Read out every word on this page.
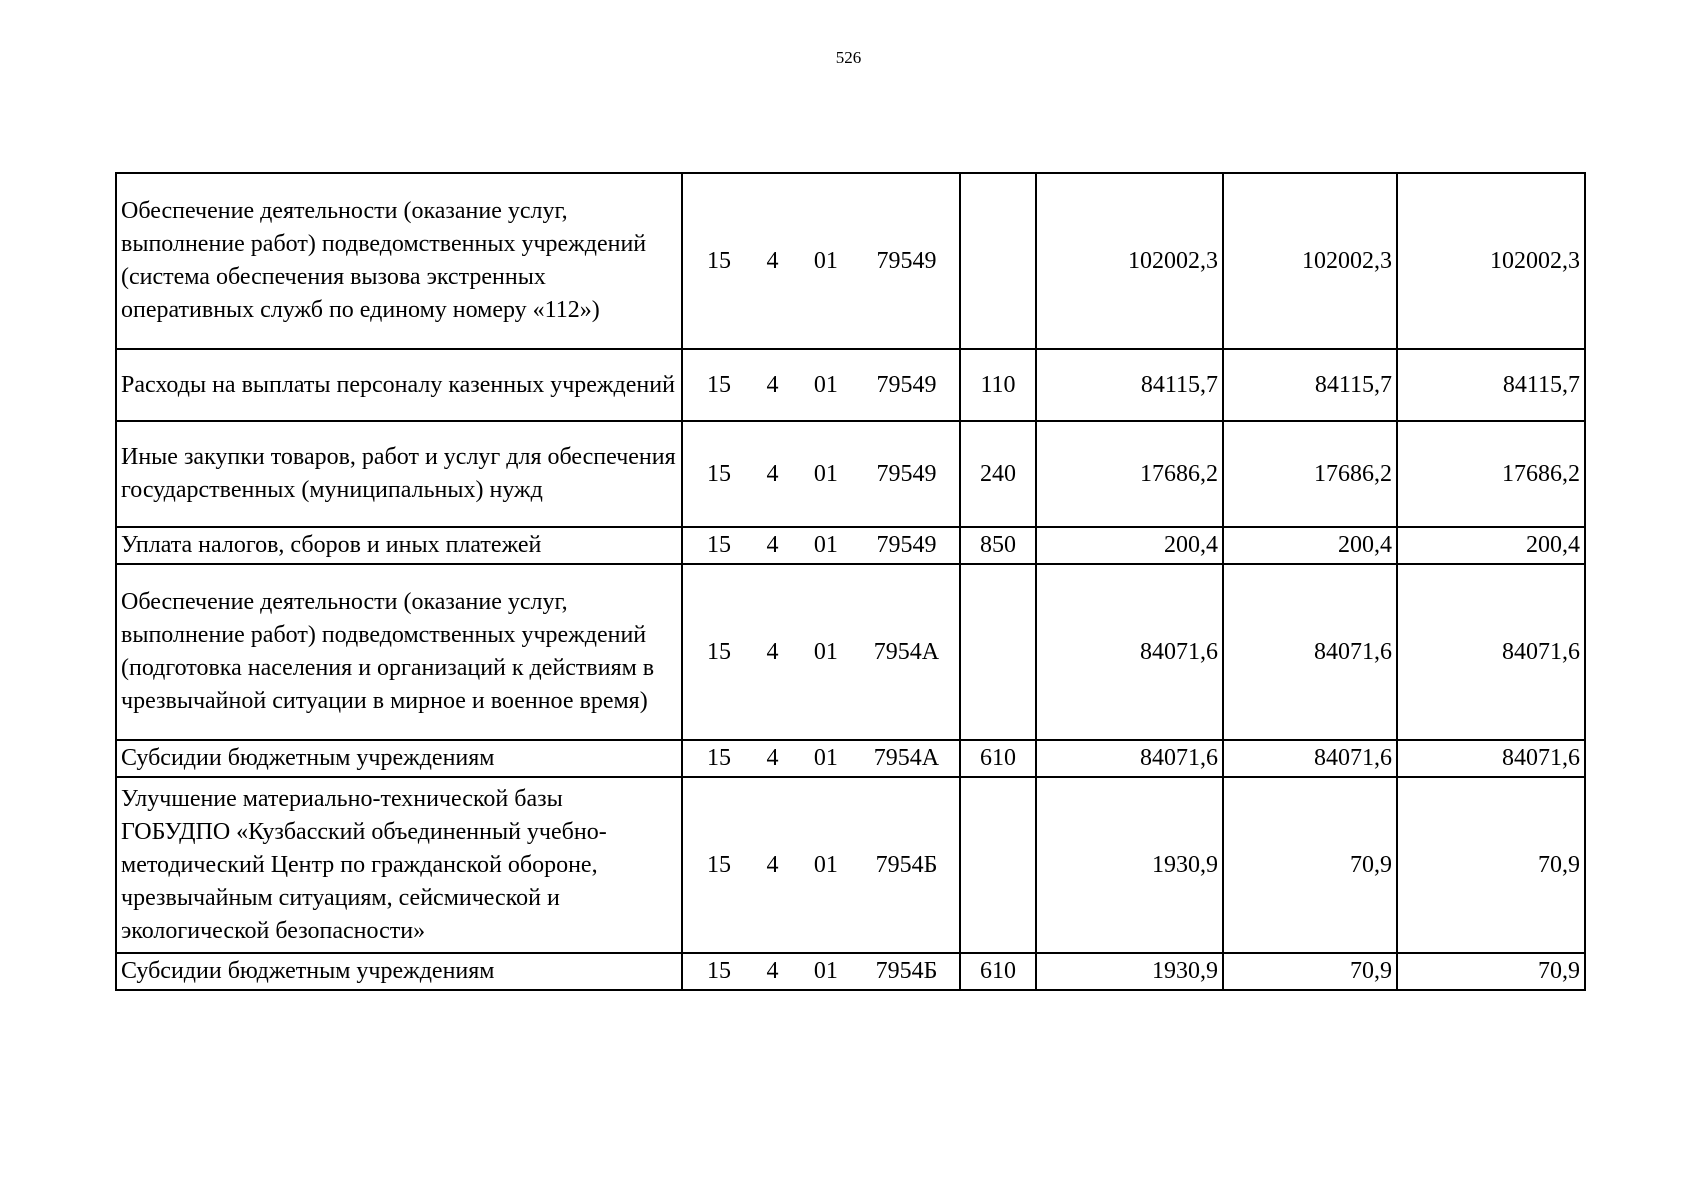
526
Обеспечение деятельности (оказание услуг, выполнение работ) подведомственных учреждений (система обеспечения вызова экстренных оперативных служб по единому номеру «112»)	15 4 01 79549		102002,3	102002,3	102002,3
Расходы на выплаты персоналу казенных учреждений	15 4 01 79549	110	84115,7	84115,7	84115,7
Иные закупки товаров, работ и услуг для обеспечения государственных (муниципальных) нужд	15 4 01 79549	240	17686,2	17686,2	17686,2
Уплата налогов, сборов и иных платежей	15 4 01 79549	850	200,4	200,4	200,4
Обеспечение деятельности (оказание услуг, выполнение работ) подведомственных учреждений (подготовка населения и организаций к действиям в чрезвычайной ситуации в мирное и военное время)	15 4 01 7954А		84071,6	84071,6	84071,6
Субсидии бюджетным учреждениям	15 4 01 7954А	610	84071,6	84071,6	84071,6
Улучшение материально-технической базы ГОБУДПО «Кузбасский объединенный учебно-методический Центр по гражданской обороне, чрезвычайным ситуациям, сейсмической и экологической безопасности»	15 4 01 7954Б		1930,9	70,9	70,9
Субсидии бюджетным учреждениям	15 4 01 7954Б	610	1930,9	70,9	70,9
